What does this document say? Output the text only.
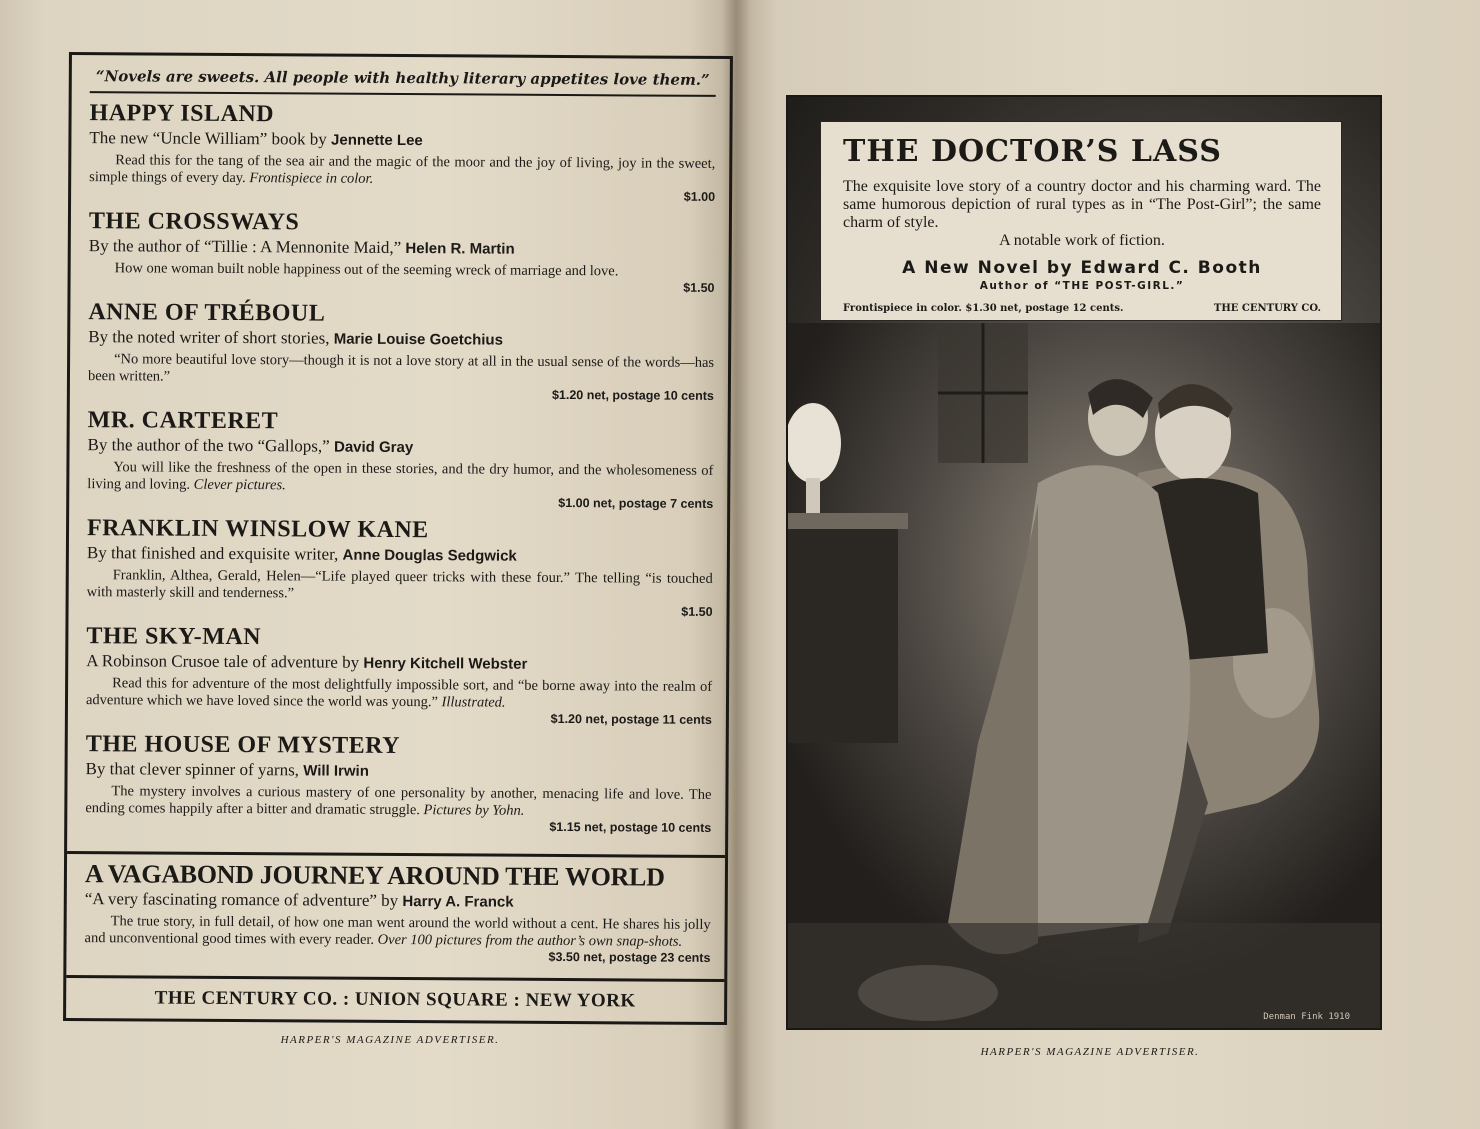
“Novels are sweets. All people with healthy literary appetites love them.”
HAPPY ISLAND
The new “Uncle William” book by Jennette Lee
Read this for the tang of the sea air and the magic of the moor and the joy of living, joy in the sweet, simple things of every day. Frontispiece in color.
$1.00
THE CROSSWAYS
By the author of “Tillie : A Mennonite Maid,” Helen R. Martin
How one woman built noble happiness out of the seeming wreck of marriage and love.
$1.50
ANNE OF TRÉBOUL
By the noted writer of short stories, Marie Louise Goetchius
“No more beautiful love story—though it is not a love story at all in the usual sense of the words—has been written.”
$1.20 net, postage 10 cents
MR. CARTERET
By the author of the two “Gallops,” David Gray
You will like the freshness of the open in these stories, and the dry humor, and the wholesomeness of living and loving. Clever pictures.
$1.00 net, postage 7 cents
FRANKLIN WINSLOW KANE
By that finished and exquisite writer, Anne Douglas Sedgwick
Franklin, Althea, Gerald, Helen—“Life played queer tricks with these four.” The telling “is touched with masterly skill and tenderness.”
$1.50
THE SKY-MAN
A Robinson Crusoe tale of adventure by Henry Kitchell Webster
Read this for adventure of the most delightfully impossible sort, and “be borne away into the realm of adventure which we have loved since the world was young.” Illustrated.
$1.20 net, postage 11 cents
THE HOUSE OF MYSTERY
By that clever spinner of yarns, Will Irwin
The mystery involves a curious mastery of one personality by another, menacing life and love. The ending comes happily after a bitter and dramatic struggle. Pictures by Yohn.
$1.15 net, postage 10 cents
A VAGABOND JOURNEY AROUND THE WORLD
“A very fascinating romance of adventure” by Harry A. Franck
The true story, in full detail, of how one man went around the world without a cent. He shares his jolly and unconventional good times with every reader. Over 100 pictures from the author’s own snap-shots.
$3.50 net, postage 23 cents
THE CENTURY CO. : UNION SQUARE : NEW YORK
HARPER'S MAGAZINE ADVERTISER.
Denman Fink 1910
THE DOCTOR’S LASS
The exquisite love story of a country doctor and his charming ward. The same humorous depiction of rural types as in “The Post-Girl”; the same charm of style.
A notable work of fiction.
A New Novel by Edward C. Booth
Author of “THE POST-GIRL.”
Frontispiece in color. $1.30 net, postage 12 cents.	THE CENTURY CO.
HARPER'S MAGAZINE ADVERTISER.
